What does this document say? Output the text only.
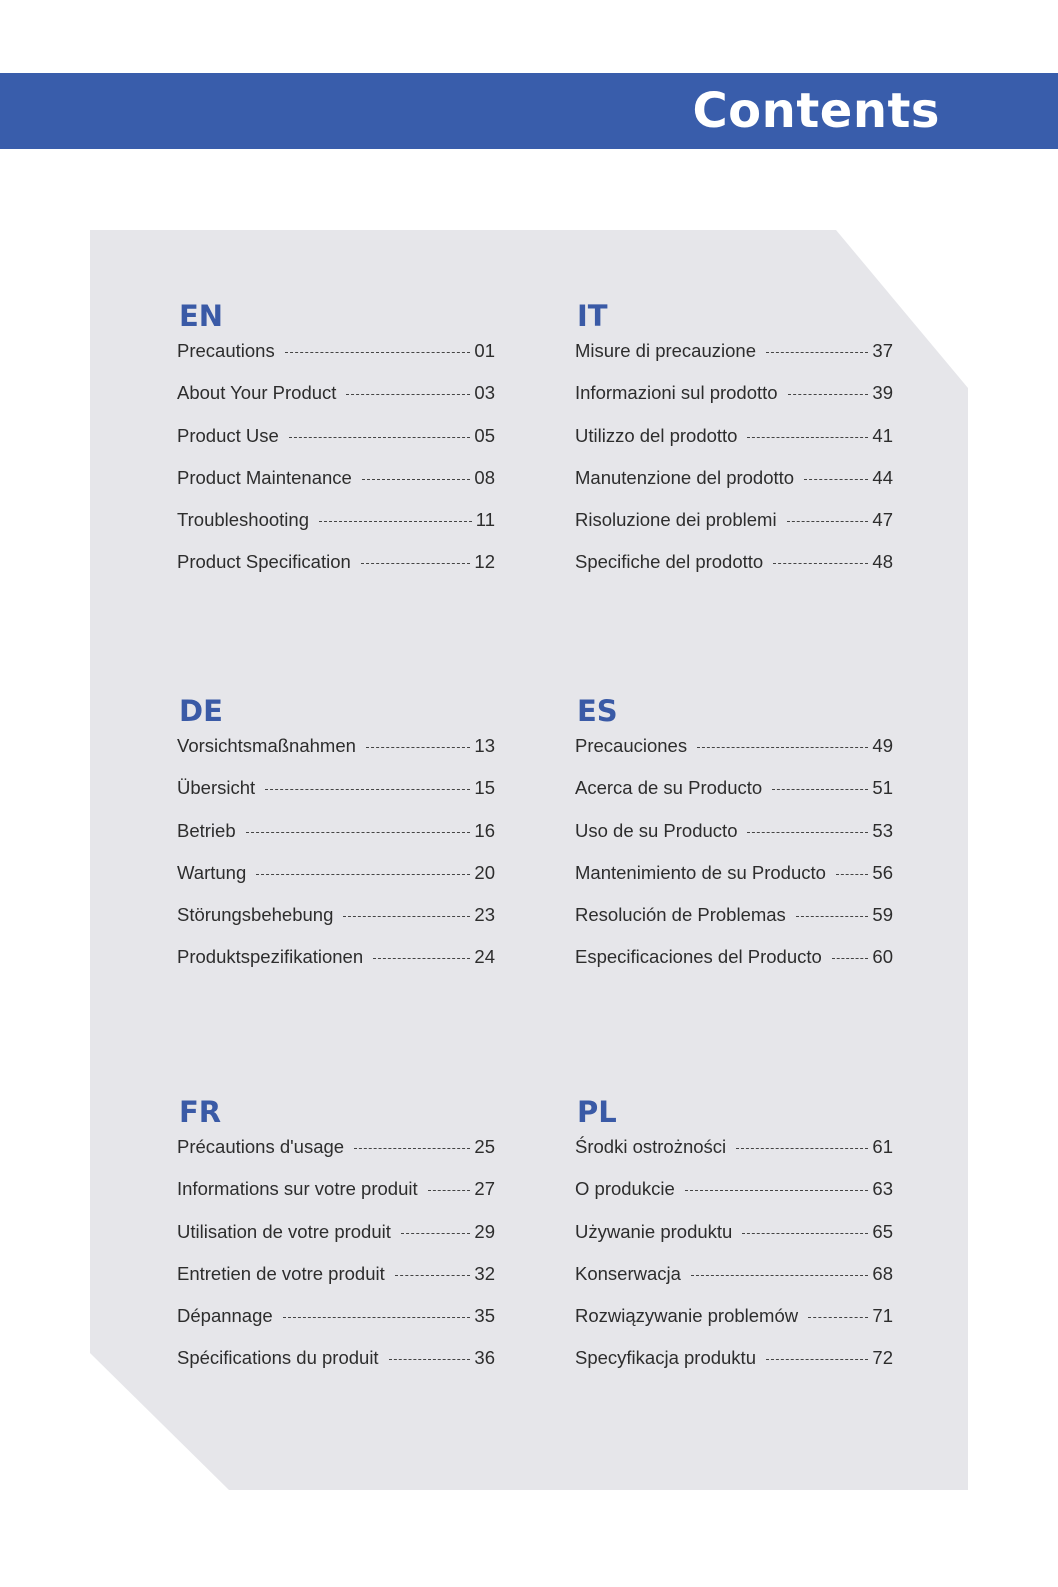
Contents
EN
Precautions	01
About Your Product	03
Product Use	05
Product Maintenance	08
Troubleshooting	11
Product Specification	12
IT
Misure di precauzione	37
Informazioni sul prodotto	39
Utilizzo del prodotto	41
Manutenzione del prodotto	44
Risoluzione dei problemi	47
Specifiche del prodotto	48
DE
Vorsichtsmaßnahmen	13
Übersicht	15
Betrieb	16
Wartung	20
Störungsbehebung	23
Produktspezifikationen	24
ES
Precauciones	49
Acerca de su Producto	51
Uso de su Producto	53
Mantenimiento de su Producto	56
Resolución de Problemas	59
Especificaciones del Producto	60
FR
Précautions d'usage	25
Informations sur votre produit	27
Utilisation de votre produit	29
Entretien de votre produit	32
Dépannage	35
Spécifications du produit	36
PL
Środki ostrożności	61
O produkcie	63
Używanie produktu	65
Konserwacja	68
Rozwiązywanie problemów	71
Specyfikacja produktu	72
